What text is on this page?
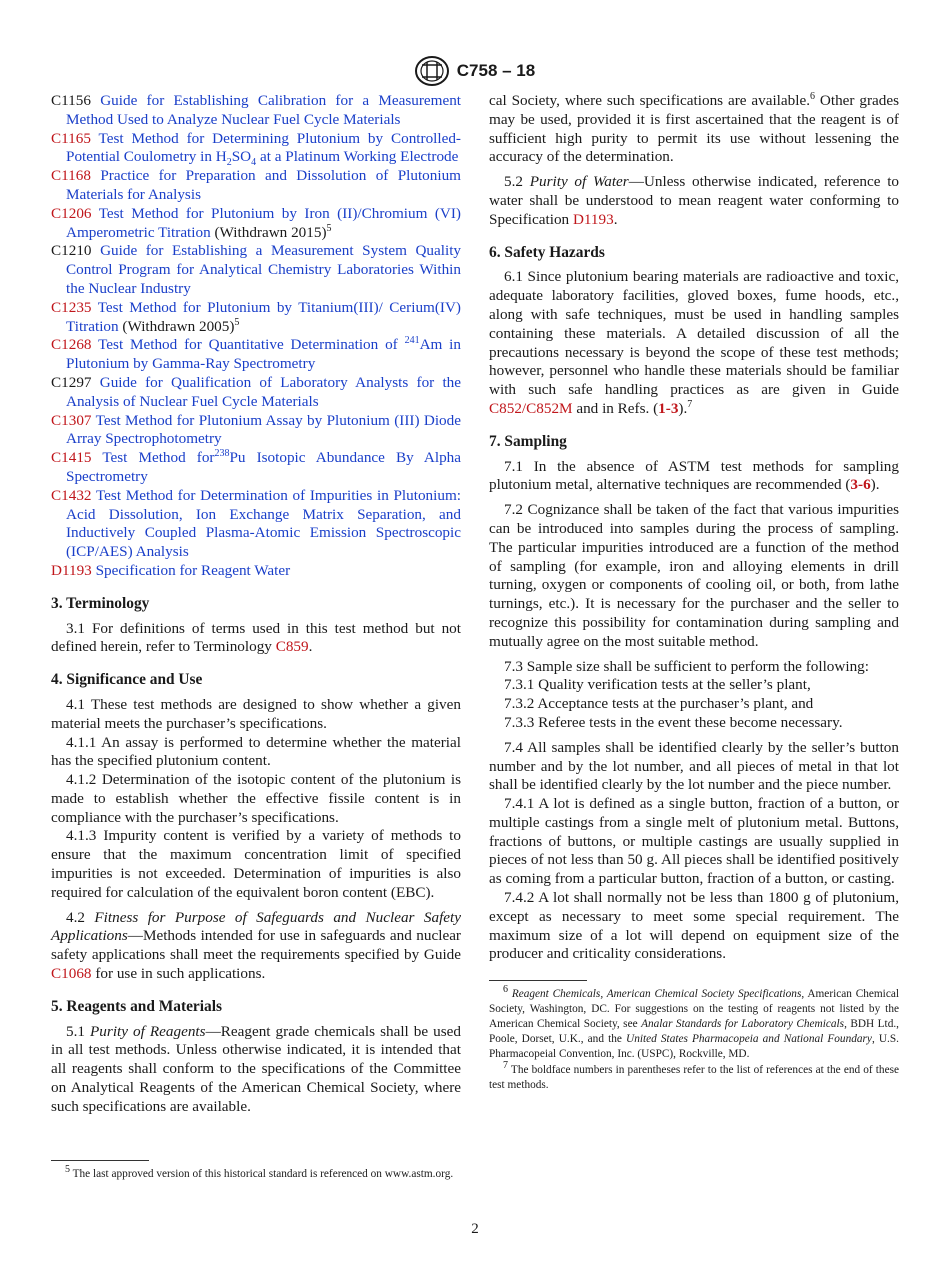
C758 – 18

C1156 Guide for Establishing Calibration for a Measurement Method Used to Analyze Nuclear Fuel Cycle Materials

C1165 Test Method for Determining Plutonium by Controlled-Potential Coulometry in $H_2SO_4$ at a Platinum Working Electrode

C1168 Practice for Preparation and Dissolution of Plutonium Materials for Analysis

C1206 Test Method for Plutonium by Iron (II)/Chromium (VI) Amperometric Titration (Withdrawn 2015)$^5$

C1210 Guide for Establishing a Measurement System Quality Control Program for Analytical Chemistry Laboratories Within the Nuclear Industry

C1235 Test Method for Plutonium by Titanium(III)/ Cerium(IV) Titration (Withdrawn 2005)$^5$

C1268 Test Method for Quantitative Determination of $^{241}$Am in Plutonium by Gamma-Ray Spectrometry

C1297 Guide for Qualification of Laboratory Analysts for the Analysis of Nuclear Fuel Cycle Materials

C1307 Test Method for Plutonium Assay by Plutonium (III) Diode Array Spectrophotometry

C1415 Test Method for$^{238}$Pu Isotopic Abundance By Alpha Spectrometry

C1432 Test Method for Determination of Impurities in Plutonium: Acid Dissolution, Ion Exchange Matrix Separation, and Inductively Coupled Plasma-Atomic Emission Spectroscopic (ICP/AES) Analysis

D1193 Specification for Reagent Water

3. Terminology

3.1 For definitions of terms used in this test method but not defined herein, refer to Terminology C859.

4. Significance and Use

4.1 These test methods are designed to show whether a given material meets the purchaser’s specifications.

4.1.1 An assay is performed to determine whether the material has the specified plutonium content.

4.1.2 Determination of the isotopic content of the plutonium is made to establish whether the effective fissile content is in compliance with the purchaser’s specifications.

4.1.3 Impurity content is verified by a variety of methods to ensure that the maximum concentration limit of specified impurities is not exceeded. Determination of impurities is also required for calculation of the equivalent boron content (EBC).

4.2 Fitness for Purpose of Safeguards and Nuclear Safety Applications—Methods intended for use in safeguards and nuclear safety applications shall meet the requirements specified by Guide C1068 for use in such applications.

5. Reagents and Materials

5.1 Purity of Reagents—Reagent grade chemicals shall be used in all test methods. Unless otherwise indicated, it is intended that all reagents shall conform to the specifications of the Committee on Analytical Reagents of the American Chemical Society, where such specifications are available.

$^5$ The last approved version of this historical standard is referenced on www.astm.org.

cal Society, where such specifications are available.$^6$ Other grades may be used, provided it is first ascertained that the reagent is of sufficient high purity to permit its use without lessening the accuracy of the determination.

5.2 Purity of Water—Unless otherwise indicated, reference to water shall be understood to mean reagent water conforming to Specification D1193.

6. Safety Hazards

6.1 Since plutonium bearing materials are radioactive and toxic, adequate laboratory facilities, gloved boxes, fume hoods, etc., along with safe techniques, must be used in handling samples containing these materials. A detailed discussion of all the precautions necessary is beyond the scope of these test methods; however, personnel who handle these materials should be familiar with such safe handling practices as are given in Guide C852/C852M and in Refs. (1-3).$^7$

7. Sampling

7.1 In the absence of ASTM test methods for sampling plutonium metal, alternative techniques are recommended (3-6).

7.2 Cognizance shall be taken of the fact that various impurities can be introduced into samples during the process of sampling. The particular impurities introduced are a function of the method of sampling (for example, iron and alloying elements in drill turning, oxygen or components of cooling oil, or both, from lathe turnings, etc.). It is necessary for the purchaser and the seller to recognize this possibility for contamination during sampling and mutually agree on the most suitable method.

7.3 Sample size shall be sufficient to perform the following:

7.3.1 Quality verification tests at the seller’s plant,

7.3.2 Acceptance tests at the purchaser’s plant, and

7.3.3 Referee tests in the event these become necessary.

7.4 All samples shall be identified clearly by the seller’s button number and by the lot number, and all pieces of metal in that lot shall be identified clearly by the lot number and the piece number.

7.4.1 A lot is defined as a single button, fraction of a button, or multiple castings from a single melt of plutonium metal. Buttons, fractions of buttons, or multiple castings are usually supplied in pieces of not less than 50 g. All pieces shall be identified positively as coming from a particular button, fraction of a button, or casting.

7.4.2 A lot shall normally not be less than 1800 g of plutonium, except as necessary to meet some special requirement. The maximum size of a lot will depend on equipment size of the producer and criticality considerations.

$^6$ Reagent Chemicals, American Chemical Society Specifications, American Chemical Society, Washington, DC. For suggestions on the testing of reagents not listed by the American Chemical Society, see Analar Standards for Laboratory Chemicals, BDH Ltd., Poole, Dorset, U.K., and the United States Pharmacopeia and National Foundary, U.S. Pharmacopeial Convention, Inc. (USPC), Rockville, MD.

$^7$ The boldface numbers in parentheses refer to the list of references at the end of these test methods.

2
